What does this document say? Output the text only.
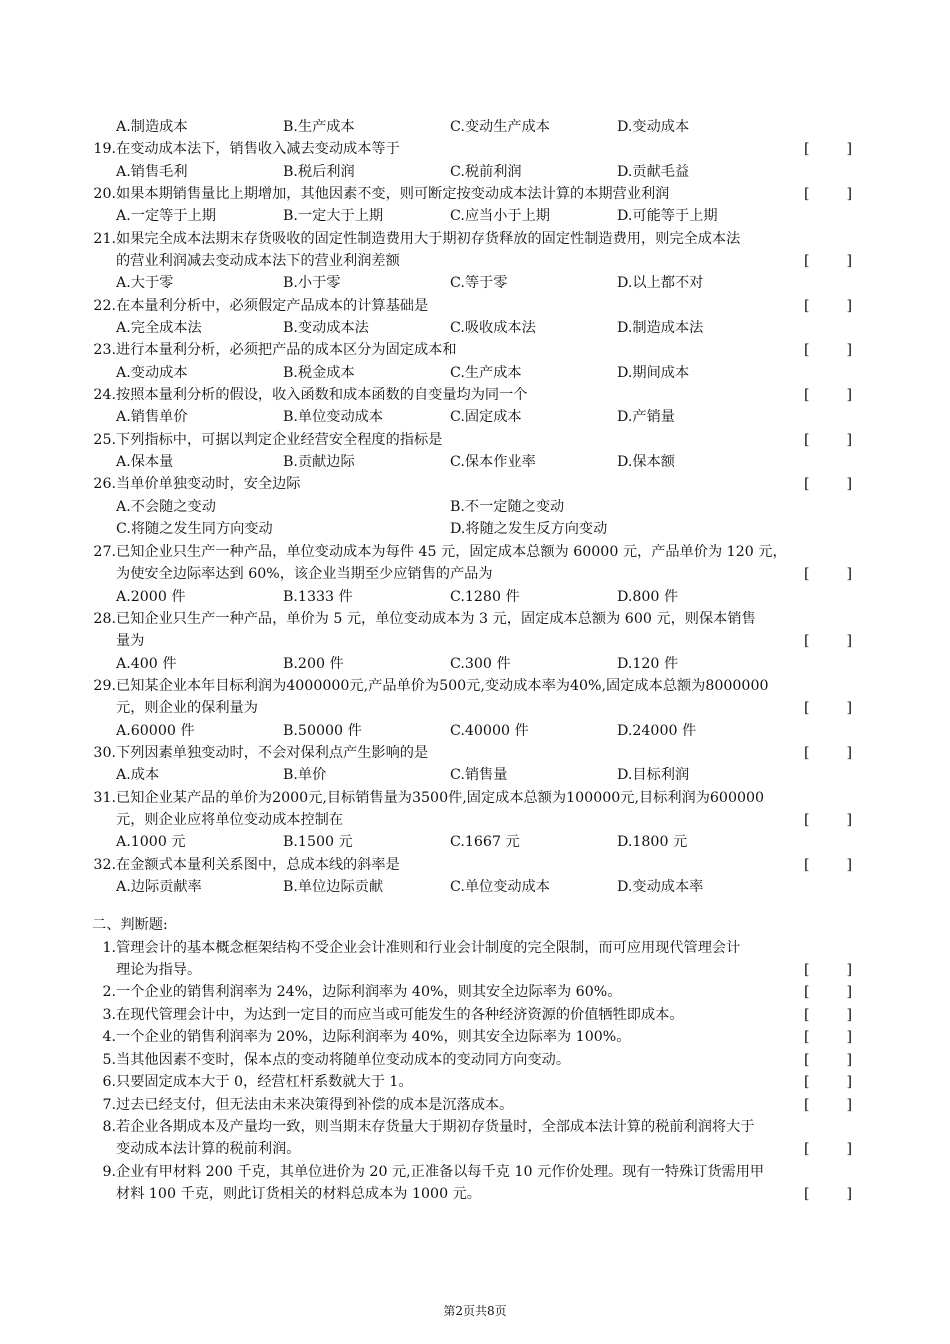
A.制造成本	B.生产成本	C.变动生产成本	D.变动成本
19. 在变动成本法下，销售收入减去变动成本等于	[	]
A.销售毛利	B.税后利润	C.税前利润	D.贡献毛益
20. 如果本期销售量比上期增加，其他因素不变，则可断定按变动成本法计算的本期营业利润	[	]
A.一定等于上期	B.一定大于上期	C.应当小于上期	D.可能等于上期
21. 如果完全成本法期末存货吸收的固定性制造费用大于期初存货释放的固定性制造费用，则完全成本法
的营业利润减去变动成本法下的营业利润差额	[	]
A.大于零	B.小于零	C.等于零	D.以上都不对
22. 在本量利分析中，必须假定产品成本的计算基础是	[	]
A.完全成本法	B.变动成本法	C.吸收成本法	D.制造成本法
23. 进行本量利分析，必须把产品的成本区分为固定成本和	[	]
A.变动成本	B.税金成本	C.生产成本	D.期间成本
24. 按照本量利分析的假设，收入函数和成本函数的自变量均为同一个	[	]
A.销售单价	B.单位变动成本	C.固定成本	D.产销量
25. 下列指标中，可据以判定企业经营安全程度的指标是	[	]
A.保本量	B.贡献边际	C.保本作业率	D.保本额
26. 当单价单独变动时，安全边际	[	]
A.不会随之变动	B.不一定随之变动
C.将随之发生同方向变动	D.将随之发生反方向变动
27. 已知企业只生产一种产品，单位变动成本为每件 45 元，固定成本总额为 60000 元，产品单价为 120 元，
为使安全边际率达到 60%，该企业当期至少应销售的产品为	[	]
A.2000 件	B.1333 件	C.1280 件	D.800 件
28. 已知企业只生产一种产品，单价为 5 元，单位变动成本为 3 元，固定成本总额为 600 元，则保本销售
量为	[	]
A.400 件	B.200 件	C.300 件	D.120 件
29. 已知某企业本年目标利润为4000000元,产品单价为500元,变动成本率为40%,固定成本总额为8000000
元，则企业的保利量为	[	]
A.60000 件	B.50000 件	C.40000 件	D.24000 件
30. 下列因素单独变动时，不会对保利点产生影响的是	[	]
A.成本	B.单价	C.销售量	D.目标利润
31. 已知企业某产品的单价为2000元,目标销售量为3500件,固定成本总额为100000元,目标利润为600000
元，则企业应将单位变动成本控制在	[	]
A.1000 元	B.1500 元	C.1667 元	D.1800 元
32. 在金额式本量利关系图中，总成本线的斜率是	[	]
A.边际贡献率	B.单位边际贡献	C.单位变动成本	D.变动成本率
二、判断题:
1. 管理会计的基本概念框架结构不受企业会计准则和行业会计制度的完全限制，而可应用现代管理会计
理论为指导。	[	]
2. 一个企业的销售利润率为 24%，边际利润率为 40%，则其安全边际率为 60%。	[	]
3. 在现代管理会计中，为达到一定目的而应当或可能发生的各种经济资源的价值牺牲即成本。	[	]
4. 一个企业的销售利润率为 20%，边际利润率为 40%，则其安全边际率为 100%。	[	]
5. 当其他因素不变时，保本点的变动将随单位变动成本的变动同方向变动。	[	]
6. 只要固定成本大于 0，经营杠杆系数就大于 1。	[	]
7. 过去已经支付，但无法由未来决策得到补偿的成本是沉落成本。	[	]
8. 若企业各期成本及产量均一致，则当期末存货量大于期初存货量时，全部成本法计算的税前利润将大于
变动成本法计算的税前利润。	[	]
9. 企业有甲材料 200 千克，其单位进价为 20 元,正准备以每千克 10 元作价处理。现有一特殊订货需用甲
材料 100 千克，则此订货相关的材料总成本为 1000 元。	[	]
第2页共8页
